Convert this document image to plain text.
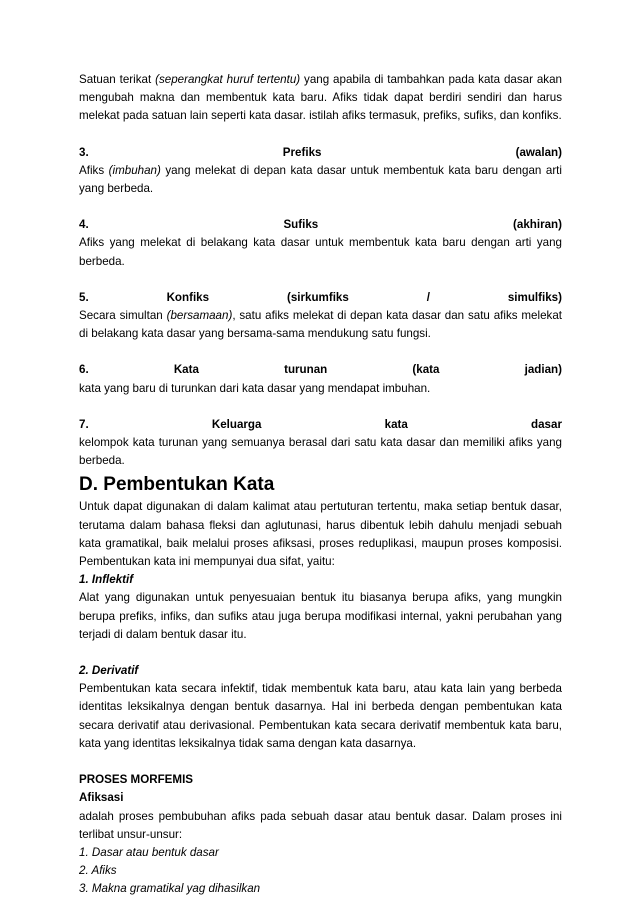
Satuan terikat (seperangkat huruf tertentu) yang apabila di tambahkan pada kata dasar akan mengubah makna dan membentuk kata baru. Afiks tidak dapat berdiri sendiri dan harus melekat pada satuan lain seperti kata dasar. istilah afiks termasuk, prefiks, sufiks, dan konfiks.

3.	Prefiks	(awalan)

Afiks (imbuhan) yang melekat di depan kata dasar untuk membentuk kata baru dengan arti yang berbeda.

4.	Sufiks	(akhiran)

Afiks yang melekat di belakang kata dasar untuk membentuk kata baru dengan arti yang berbeda.

5.	Konfiks	(sirkumfiks	/	simulfiks)

Secara simultan (bersamaan), satu afiks melekat di depan kata dasar dan satu afiks melekat di belakang kata dasar yang bersama-sama mendukung satu fungsi.

6.	Kata	turunan	(kata	jadian)

kata yang baru di turunkan dari kata dasar yang mendapat imbuhan.

7.	Keluarga	kata	dasar

kelompok kata turunan yang semuanya berasal dari satu kata dasar dan memiliki afiks yang berbeda.

D. Pembentukan Kata

Untuk dapat digunakan di dalam kalimat atau pertuturan tertentu, maka setiap bentuk dasar, terutama dalam bahasa fleksi dan aglutunasi, harus dibentuk lebih dahulu menjadi sebuah kata gramatikal, baik melalui proses afiksasi, proses reduplikasi, maupun proses komposisi. Pembentukan kata ini mempunyai dua sifat, yaitu:

1. Inflektif

Alat yang digunakan untuk penyesuaian bentuk itu biasanya berupa afiks, yang mungkin berupa prefiks, infiks, dan sufiks atau juga berupa modifikasi internal, yakni perubahan yang terjadi di dalam bentuk dasar itu.

2. Derivatif

Pembentukan kata secara infektif, tidak membentuk kata baru, atau kata lain yang berbeda identitas leksikalnya dengan bentuk dasarnya. Hal ini berbeda dengan pembentukan kata secara derivatif atau derivasional. Pembentukan kata secara derivatif membentuk kata baru, kata yang identitas leksikalnya tidak sama dengan kata dasarnya.

PROSES MORFEMIS

Afiksasi

adalah proses pembubuhan afiks pada sebuah dasar atau bentuk dasar. Dalam proses ini terlibat unsur-unsur:

1. Dasar atau bentuk dasar

2. Afiks

3. Makna gramatikal yag dihasilkan
